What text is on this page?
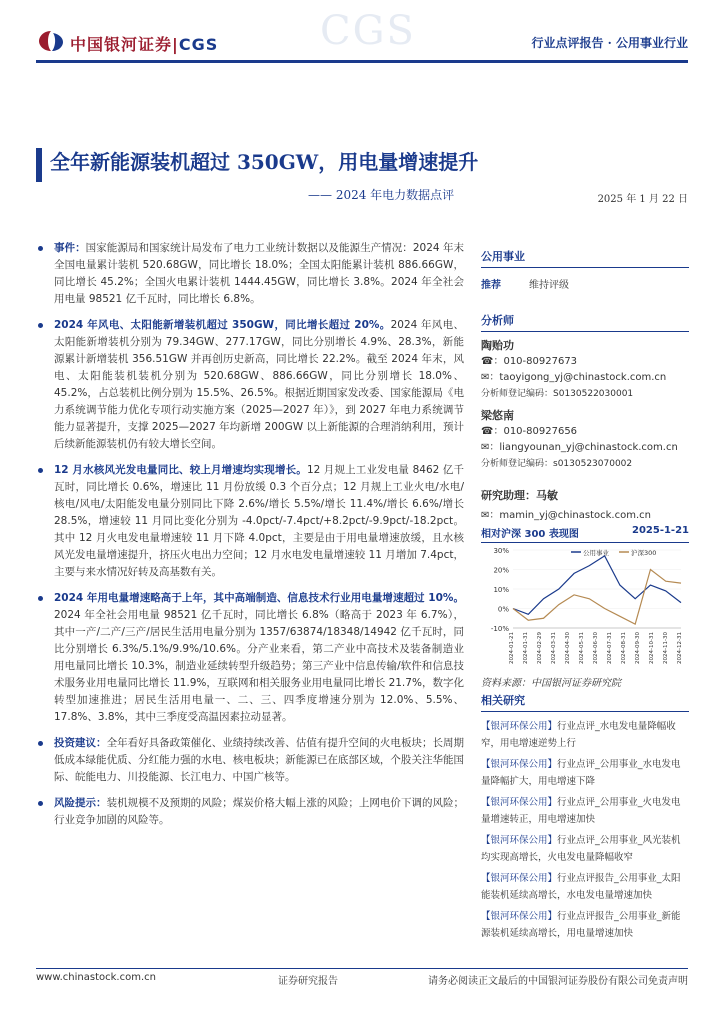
中国银河证券|CGS	CGS	行业点评报告 · 公用事业行业
全年新能源装机超过 350GW，用电量增速提升
—— 2024 年电力数据点评	2025 年 1 月 22 日

事件：国家能源局和国家统计局发布了电力工业统计数据以及能源生产情况：2024 年末全国电量累计装机 520.68GW，同比增长 18.0%；全国太阳能累计装机 886.66GW，同比增长 45.2%；全国火电累计装机 1444.45GW，同比增长 3.8%。2024 年全社会用电量 98521 亿千瓦时，同比增长 6.8%。

2024 年风电、太阳能新增装机超过 350GW，同比增长超过 20%。2024 年风电、太阳能新增装机分别为 79.34GW、277.17GW，同比分别增长 4.9%、28.3%，新能源累计新增装机 356.51GW 并再创历史新高，同比增长 22.2%。截至 2024 年末，风电、太阳能装机装机分别为 520.68GW、886.66GW，同比分别增长 18.0%、45.2%，占总装机比例分别为 15.5%、26.5%。根据近期国家发改委、国家能源局《电力系统调节能力优化专项行动实施方案（2025—2027 年）》，到 2027 年电力系统调节能力显著提升，支撑 2025—2027 年均新增 200GW 以上新能源的合理消纳利用，预计后续新能源装机仍有较大增长空间。

12 月水核风光发电量同比、较上月增速均实现增长。12 月规上工业发电量 8462 亿千瓦时，同比增长 0.6%，增速比 11 月份放缓 0.3 个百分点；12 月规上工业火电/水电/核电/风电/太阳能发电量分别同比下降 2.6%/增长 5.5%/增长 11.4%/增长 6.6%/增长 28.5%，增速较 11 月同比变化分别为 -4.0pct/-7.4pct/+8.2pct/-9.9pct/-18.2pct。其中 12 月火电发电量增速较 11 月下降 4.0pct，主要是由于用电量增速放缓，且水核风光发电量增速提升，挤压火电出力空间；12 月水电发电量增速较 11 月增加 7.4pct，主要与来水情况好转及高基数有关。

2024 年用电量增速略高于上年，其中高端制造、信息技术行业用电量增速超过 10%。2024 年全社会用电量 98521 亿千瓦时，同比增长 6.8%（略高于 2023 年 6.7%），其中一产/二产/三产/居民生活用电量分别为 1357/63874/18348/14942 亿千瓦时，同比分别增长 6.3%/5.1%/9.9%/10.6%。分产业来看，第二产业中高技术及装备制造业用电量同比增长 10.3%，制造业延续转型升级趋势；第三产业中信息传输/软件和信息技术服务业用电量同比增长 11.9%，互联网和相关服务业用电量同比增长 21.7%，数字化转型加速推进；居民生活用电量一、二、三、四季度增速分别为 12.0%、5.5%、17.8%、3.8%，其中三季度受高温因素拉动显著。

投资建议：全年看好具备政策催化、业绩持续改善、估值有提升空间的火电板块；长周期低成本绿能优质、分红能力强的水电、核电板块；新能源已在底部区域，个股关注华能国际、皖能电力、川投能源、长江电力、中国广核等。

风险提示：装机规模不及预期的风险；煤炭价格大幅上涨的风险；上网电价下调的风险；行业竞争加剧的风险等。

公用事业
推荐	维持评级
分析师
陶贻功
☎：010-80927673
✉：taoyigong_yj@chinastock.com.cn
分析师登记编码：S0130522030001
梁悠南
☎：010-80927656
✉：liangyounan_yj@chinastock.com.cn
分析师登记编码：s0130523070002
研究助理：马敏
✉：mamin_yj@chinastock.com.cn
相对沪深 300 表现图	2025-1-21
-10%
0%
10%
20%
30%
2024-01-21 2024-01-31 2024-02-29 2024-03-31 2024-04-30 2024-05-31 2024-06-30 2024-07-31 2024-08-31 2024-09-30 2024-10-31 2024-11-30 2024-12-31
公用事业	沪深300
资料来源：中国银河证券研究院
相关研究
【银河环保公用】行业点评_水电发电量降幅收窄，用电增速逆势上行
【银河环保公用】行业点评_公用事业_水电发电量降幅扩大，用电增速下降
【银河环保公用】行业点评_公用事业_火电发电量增速转正，用电增速加快
【银河环保公用】行业点评_公用事业_风光装机均实现高增长，火电发电量降幅收窄
【银河环保公用】行业点评报告_公用事业_太阳能装机延续高增长，水电发电量增速加快
【银河环保公用】行业点评报告_公用事业_新能源装机延续高增长，用电量增速加快
www.chinastock.com.cn	证券研究报告	请务必阅读正文最后的中国银河证券股份有限公司免责声明
